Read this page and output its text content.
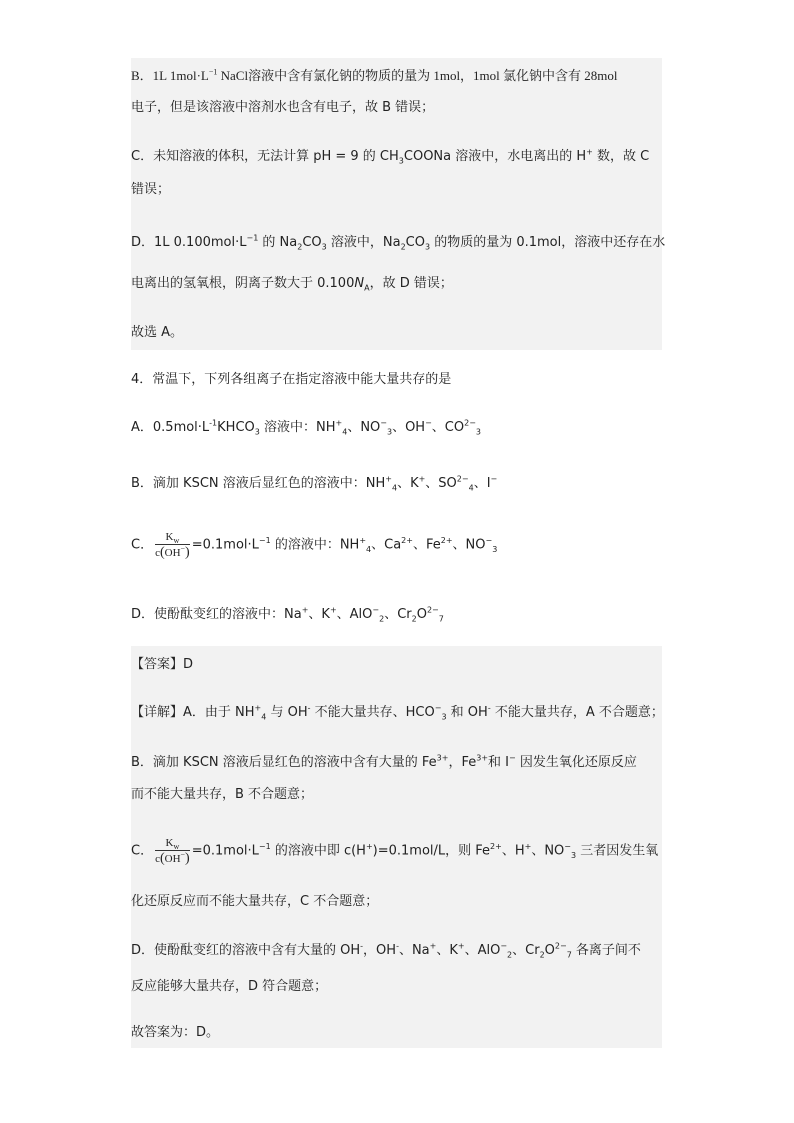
B．1L $1mol\cdot L^{-1}$ NaCl溶液中含有氯化钠的物质的量为 1mol，1mol 氯化钠中含有 28mol
电子，但是该溶液中溶剂水也含有电子，故 B 错误；
C．未知溶液的体积，无法计算 pH = 9 的 $CH_3COONa$ 溶液中，水电离出的 H+ 数，故 C
错误；
D．1L $0.100mol\cdot L^{-1}$ 的 $Na_2CO_3$ 溶液中，$Na_2CO_3$ 的物质的量为 0.1mol，溶液中还存在水
电离出的氢氧根，阴离子数大于 $0.100N_A$，故 D 错误；
故选 A。
4．常温下，下列各组离子在指定溶液中能大量共存的是
A．$0.5mol\cdot L^{-1}KHCO_3$ 溶液中：$NH^+_4$、$NO^-_3$、OH−、$CO^{2-}_3$
B．滴加 KSCN 溶液后显红色的溶液中：$NH^+_4$、K+、$SO^{2-}_4$、I−
C． $\frac{K_w}{c(OH^-)} =0.1mol\cdot L^{-1}$ 的溶液中：$NH^+_4$、$Ca^{2+}$、$Fe^{2+}$、$NO^-_3$
D．使酚酞变红的溶液中：Na+、K+、AlO−$_2$、$Cr_2O^{2-}_7$
【答案】D
【详解】A．由于 $NH^+_4$ 与 OH- 不能大量共存、$HCO^-_3$ 和 OH- 不能大量共存，A 不合题意；
B．滴加 KSCN 溶液后显红色的溶液中含有大量的 $Fe^{3+}$，$Fe^{3+}$和 I− 因发生氧化还原反应
而不能大量共存，B 不合题意；
C． $\frac{K_w}{c(OH^-)} =0.1mol\cdot L^{-1}$ 的溶液中即 c(H+)=0.1mol/L，则 $Fe^{2+}$、H+、$NO^-_3$ 三者因发生氧
化还原反应而不能大量共存，C 不合题意；
D．使酚酞变红的溶液中含有大量的 OH-，OH-、Na+、K+、AlO−$_2$、$Cr_2O^{2-}_7$ 各离子间不
反应能够大量共存，D 符合题意；
故答案为：D。
